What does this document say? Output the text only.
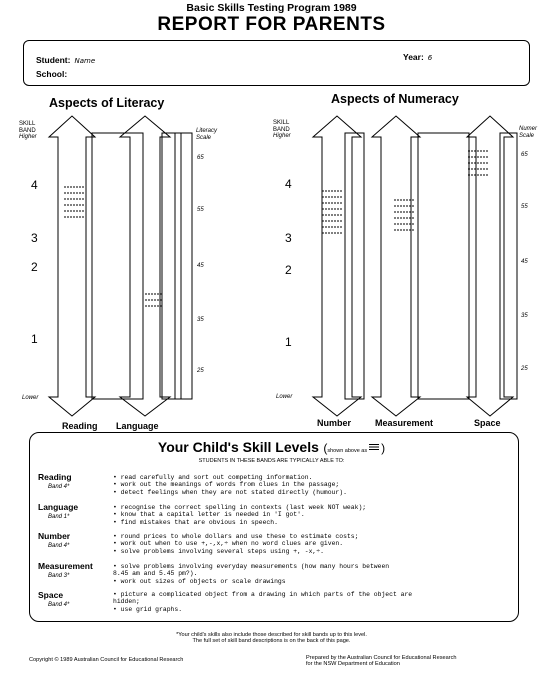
Basic Skills Testing Program 1989
REPORT FOR PARENTS
Student: Name
School:
Year: 6
Aspects of Literacy	Aspects of Numeracy
SKILL
BAND
Higher
Lower
4
3
2
1
Literacy
Scale
65
55
45
35
25
Reading Language
SKILL
BAND
Higher
Lower
4
3
2
1
Numer
Scale
65
55
45
35
25
Number	Measurement	Space
Your Child's Skill Levels (shown above as )
STUDENTS IN THESE BANDS ARE TYPICALLY ABLE TO:
Reading
Band 4*
• read carefully and sort out competing information.
• work out the meanings of words from clues in the passage;
• detect feelings when they are not stated directly (humour).
Language
Band 1*
• recognise the correct spelling in contexts (last week NOT weak);
• know that a capital letter is needed in 'I got'.
• find mistakes that are obvious in speech.
Number
Band 4*
• round prices to whole dollars and use these to estimate costs;
• work out when to use +,-,x,÷ when no word clues are given.
• solve problems involving several steps using +, -x,÷.
Measurement
Band 3*
• solve problems involving everyday measurements (how many hours between
8.45 am and 5.45 pm?).
• work out sizes of objects or scale drawings
Space
Band 4*
• picture a complicated object from a drawing in which parts of the object are
hidden;
• use grid graphs.
*Your child's skills also include those described for skill bands up to this level.
The full set of skill band descriptions is on the back of this page.
Copyright © 1989 Australian Council for Educational Research	Prepared by the Australian Council for Educational Research
for the NSW Department of Education
